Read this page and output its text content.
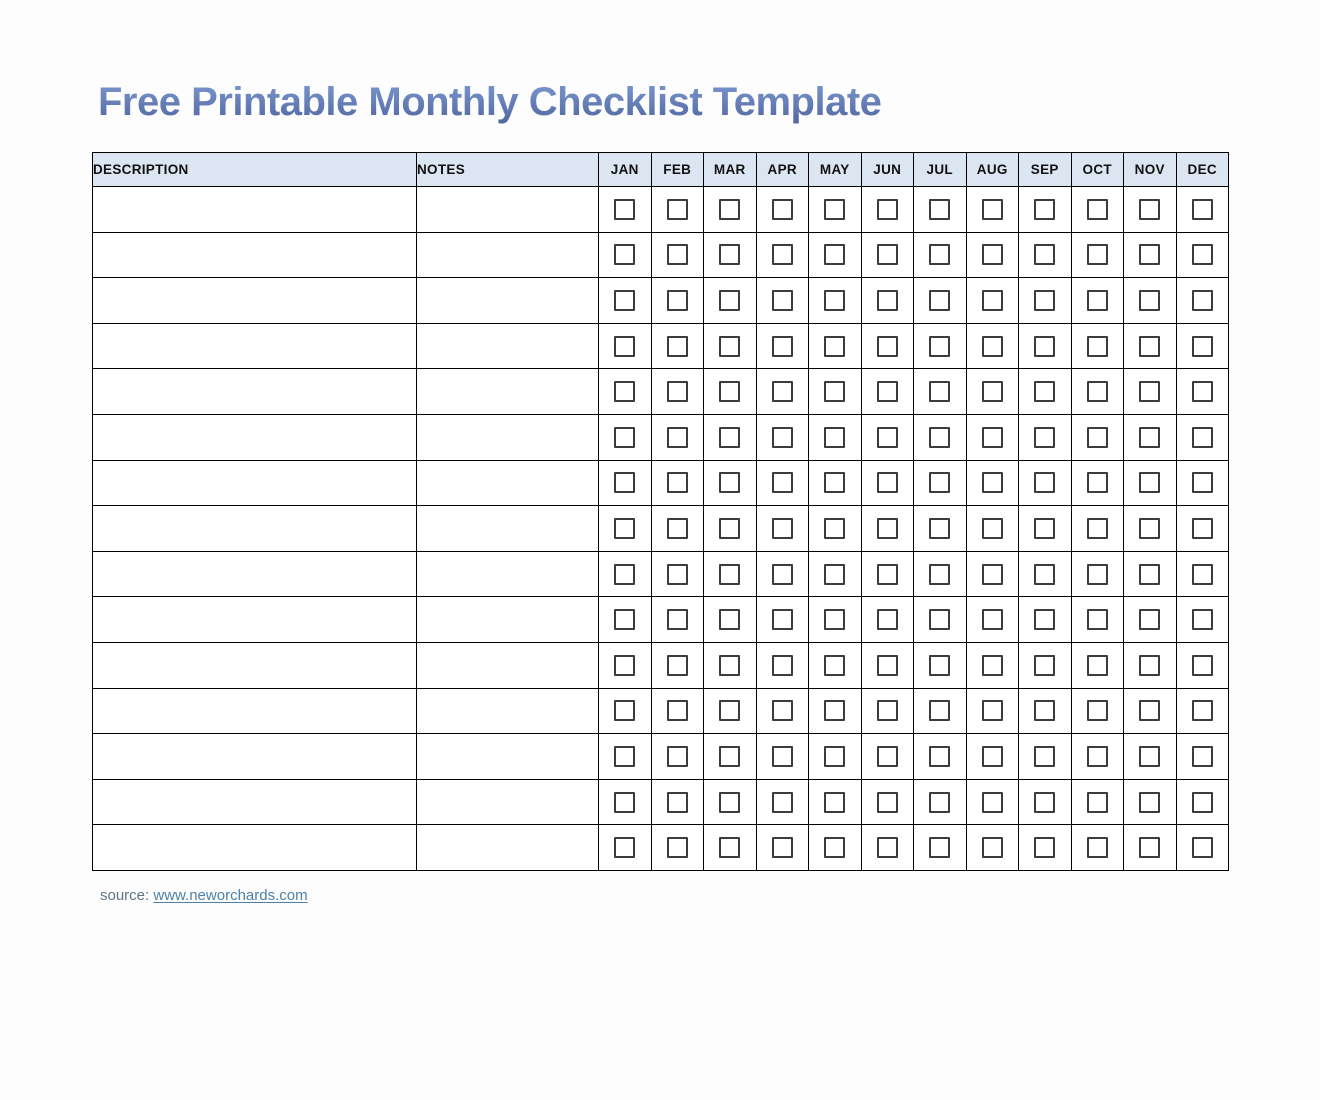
Free Printable Monthly Checklist Template
DESCRIPTION	NOTES	JAN	FEB	MAR	APR	MAY	JUN	JUL	AUG	SEP	OCT	NOV	DEC

source: www.neworchards.com
